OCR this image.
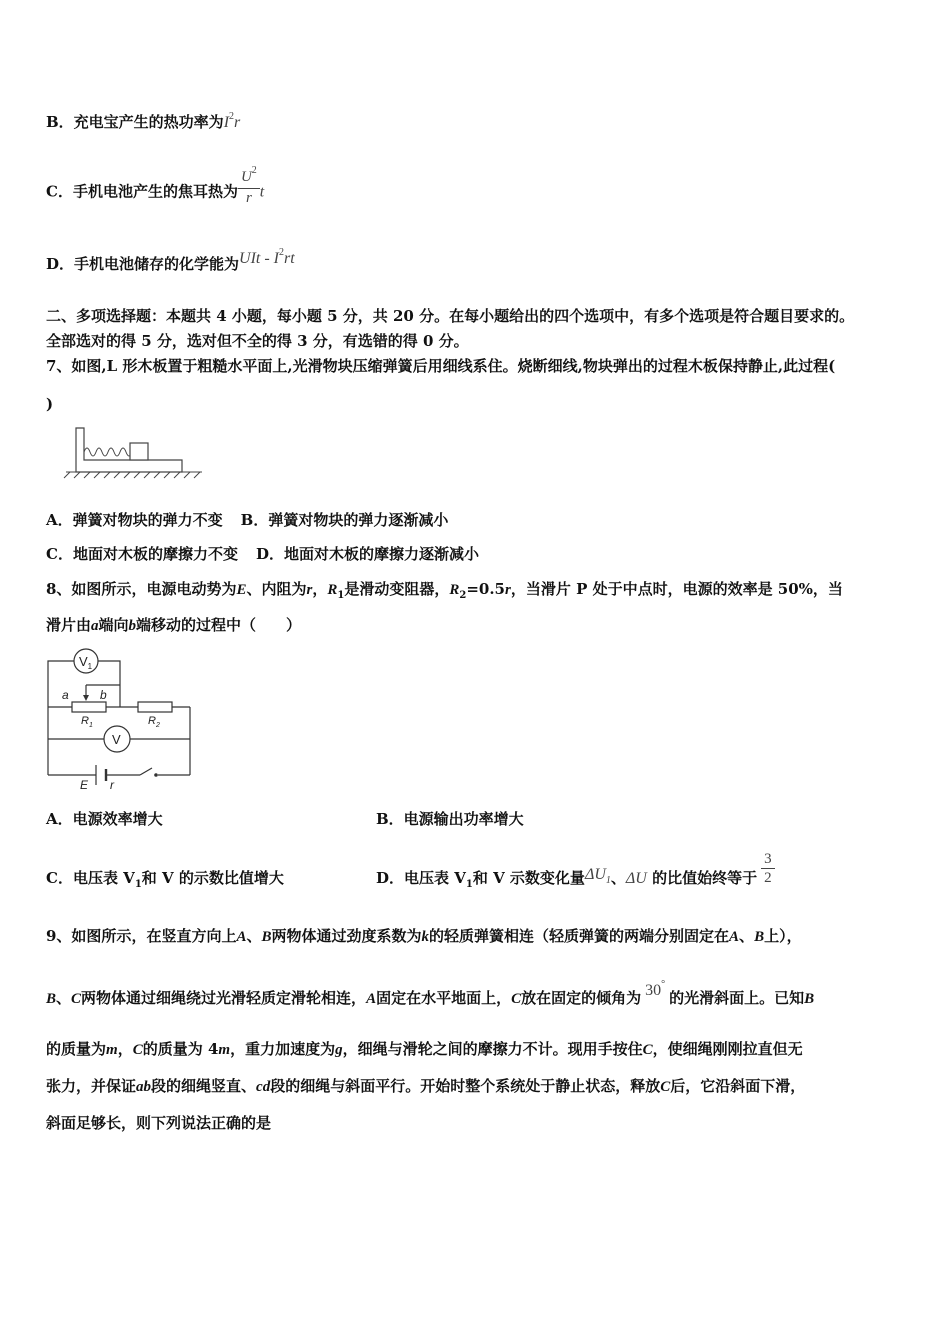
B．充电宝产生的热功率为$I^2r$
C．手机电池产生的焦耳热为 $\frac{U^2}{r}$ t
D．手机电池储存的化学能为UIt - $I^2rt$
二、多项选择题：本题共 4 小题，每小题 5 分，共 20 分。在每小题给出的四个选项中，有多个选项是符合题目要求的。
全部选对的得 5 分，选对但不全的得 3 分，有选错的得 0 分。
7、如图,L 形木板置于粗糙水平面上,光滑物块压缩弹簧后用细线系住。烧断细线,物块弹出的过程木板保持静止,此过程(
)
A．弹簧对物块的弹力不变 B．弹簧对物块的弹力逐渐减小
C．地面对木板的摩擦力不变 D．地面对木板的摩擦力逐渐减小
8、如图所示，电源电动势为E、内阻为r，$R_1$是滑动变阻器，$R_2=0.5r$，当滑片 P 处于中点时，电源的效率是 50%，当
滑片由a端向b端移动的过程中（　　）
$V_1$
V
a	b
$R_1$	$R_2$
E r
A．电源效率增大	B．电源输出功率增大
C．电压表 $V_1$和 V 的示数比值增大	D．电压表 $V_1$和 V 示数变化量$\Delta U_1$、ΔU 的比值始终等于 $\frac{3}{2}$
9、如图所示，在竖直方向上A、B两物体通过劲度系数为k的轻质弹簧相连（轻质弹簧的两端分别固定在A、B上），
B、C两物体通过细绳绕过光滑轻质定滑轮相连，A固定在水平地面上，C放在固定的倾角为 30°的光滑斜面上。已知B
的质量为m，C的质量为 4m，重力加速度为g，细绳与滑轮之间的摩擦力不计。现用手按住C，使细绳刚刚拉直但无
张力，并保证ab段的细绳竖直、cd段的细绳与斜面平行。开始时整个系统处于静止状态，释放C后，它沿斜面下滑，
斜面足够长，则下列说法正确的是
